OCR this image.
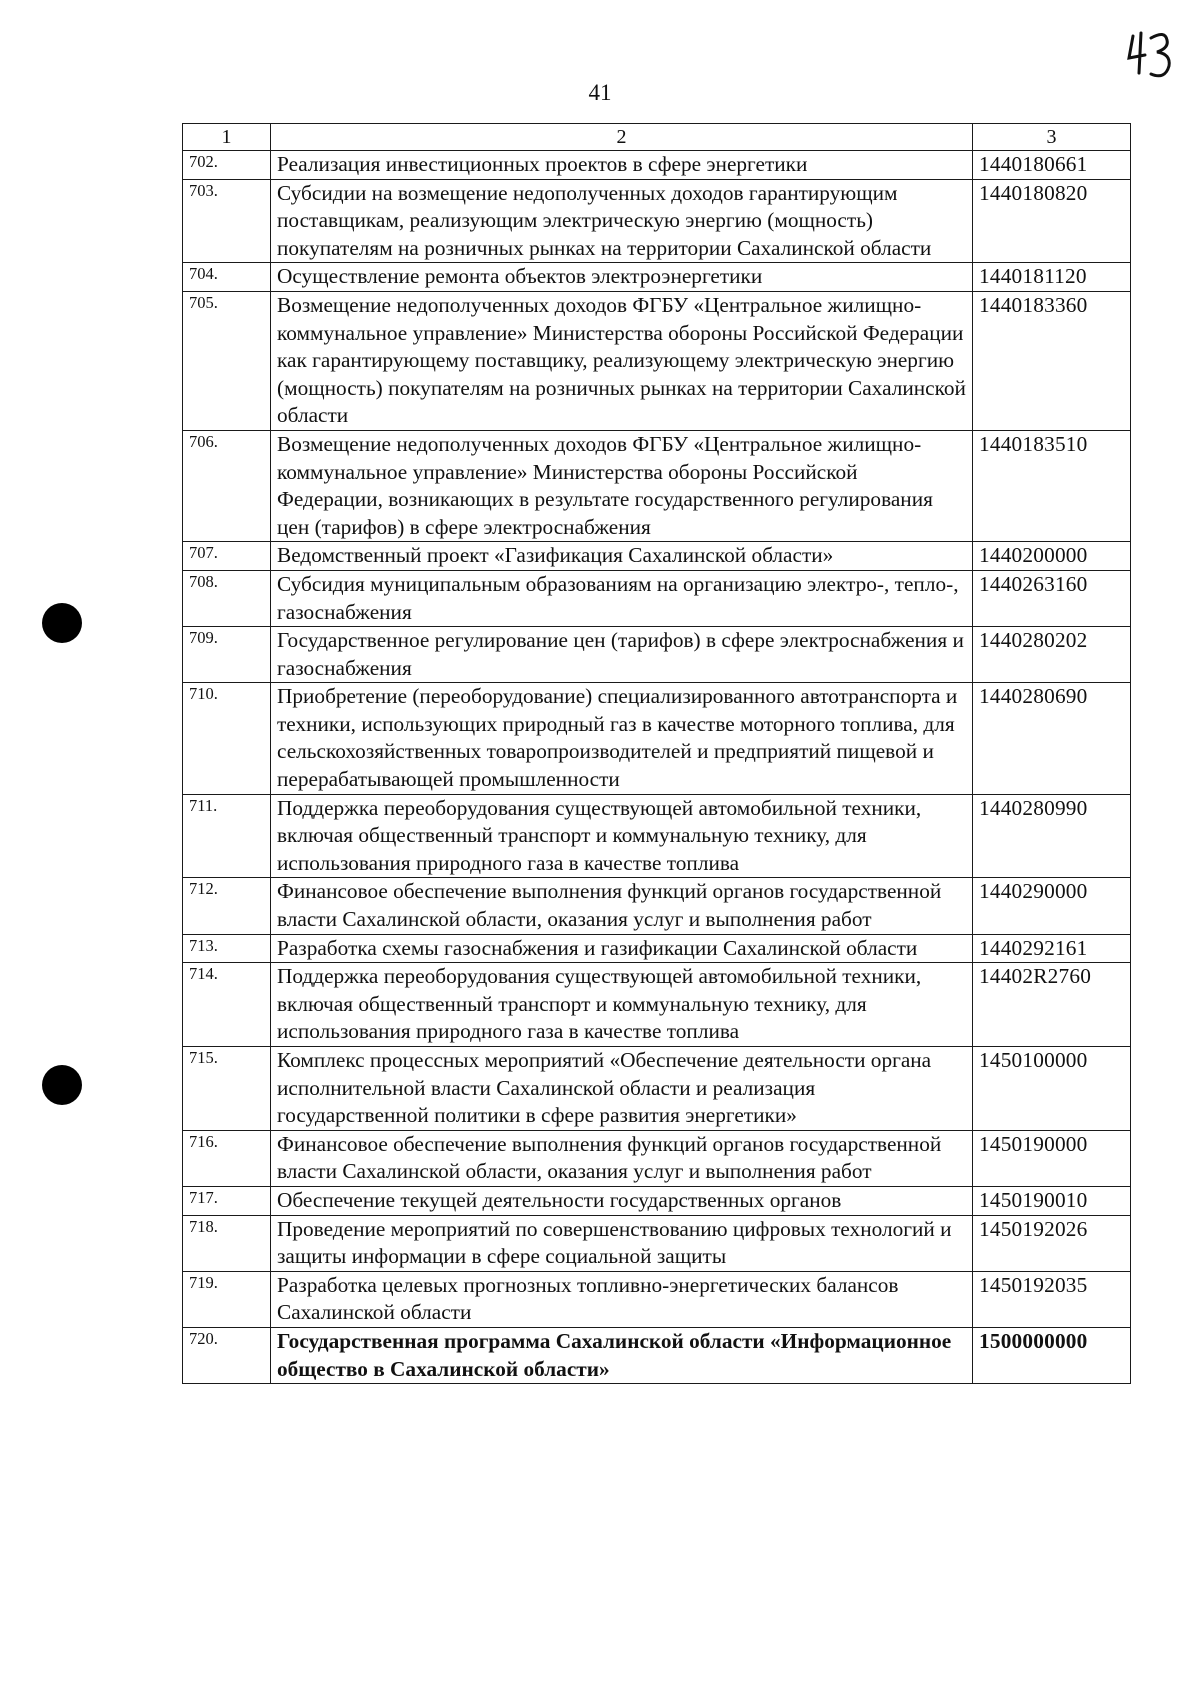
41
1	2	3
702.	Реализация инвестиционных проектов в сфере энергетики	1440180661
703.	Субсидии на возмещение недополученных доходов гарантирующим поставщикам, реализующим электрическую энергию (мощность) покупателям на розничных рынках на территории Сахалинской области	1440180820
704.	Осуществление ремонта объектов электроэнергетики	1440181120
705.	Возмещение недополученных доходов ФГБУ «Центральное жилищно-коммунальное управление» Министерства обороны Российской Федерации как гарантирующему поставщику, реализующему электрическую энергию (мощность) покупателям на розничных рынках на территории Сахалинской области	1440183360
706.	Возмещение недополученных доходов ФГБУ «Центральное жилищно-коммунальное управление» Министерства обороны Российской Федерации, возникающих в результате государственного регулирования цен (тарифов) в сфере электроснабжения	1440183510
707.	Ведомственный проект «Газификация Сахалинской области»	1440200000
708.	Субсидия муниципальным образованиям на организацию электро-, тепло-, газоснабжения	1440263160
709.	Государственное регулирование цен (тарифов) в сфере электроснабжения и газоснабжения	1440280202
710.	Приобретение (переоборудование) специализированного автотранспорта и техники, использующих природный газ в качестве моторного топлива, для сельскохозяйственных товаропроизводителей и предприятий пищевой и перерабатывающей промышленности	1440280690
711.	Поддержка переоборудования существующей автомобильной техники, включая общественный транспорт и коммунальную технику, для использования природного газа в качестве топлива	1440280990
712.	Финансовое обеспечение выполнения функций органов государственной власти Сахалинской области, оказания услуг и выполнения работ	1440290000
713.	Разработка схемы газоснабжения и газификации Сахалинской области	1440292161
714.	Поддержка переоборудования существующей автомобильной техники, включая общественный транспорт и коммунальную технику, для использования природного газа в качестве топлива	14402R2760
715.	Комплекс процессных мероприятий «Обеспечение деятельности органа исполнительной власти Сахалинской области и реализация государственной политики в сфере развития энергетики»	1450100000
716.	Финансовое обеспечение выполнения функций органов государственной власти Сахалинской области, оказания услуг и выполнения работ	1450190000
717.	Обеспечение текущей деятельности государственных органов	1450190010
718.	Проведение мероприятий по совершенствованию цифровых технологий и защиты информации в сфере социальной защиты	1450192026
719.	Разработка целевых прогнозных топливно-энергетических балансов Сахалинской области	1450192035
720.	Государственная программа Сахалинской области «Информационное общество в Сахалинской области»	1500000000
